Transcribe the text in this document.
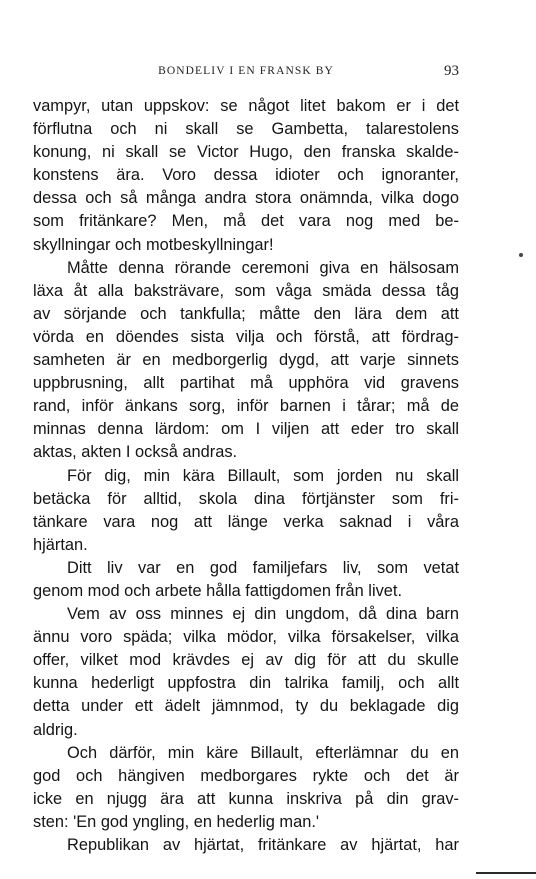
BONDELIV I EN FRANSK BY	93

vampyr, utan uppskov: se något litet bakom er i det

förflutna och ni skall se Gambetta, talarestolens

konung, ni skall se Victor Hugo, den franska skalde-

konstens ära. Voro dessa idioter och ignoranter,

dessa och så många andra stora onämnda, vilka dogo

som fritänkare? Men, må det vara nog med be-

skyllningar och motbeskyllningar!

Måtte denna rörande ceremoni giva en hälsosam

läxa åt alla baksträvare, som våga smäda dessa tåg

av sörjande och tankfulla; måtte den lära dem att

vörda en döendes sista vilja och förstå, att fördrag-

samheten är en medborgerlig dygd, att varje sinnets

uppbrusning, allt partihat må upphöra vid gravens

rand, inför änkans sorg, inför barnen i tårar; må de

minnas denna lärdom: om I viljen att eder tro skall

aktas, akten I också andras.

För dig, min kära Billault, som jorden nu skall

betäcka för alltid, skola dina förtjänster som fri-

tänkare vara nog att länge verka saknad i våra

hjärtan.

Ditt liv var en god familjefars liv, som vetat

genom mod och arbete hålla fattigdomen från livet.

Vem av oss minnes ej din ungdom, då dina barn

ännu voro späda; vilka mödor, vilka försakelser, vilka

offer, vilket mod krävdes ej av dig för att du skulle

kunna hederligt uppfostra din talrika familj, och allt

detta under ett ädelt jämnmod, ty du beklagade dig

aldrig.

Och därför, min käre Billault, efterlämnar du en

god och hängiven medborgares rykte och det är

icke en njugg ära att kunna inskriva på din grav-

sten: 'En god yngling, en hederlig man.'

Republikan av hjärtat, fritänkare av hjärtat, har
